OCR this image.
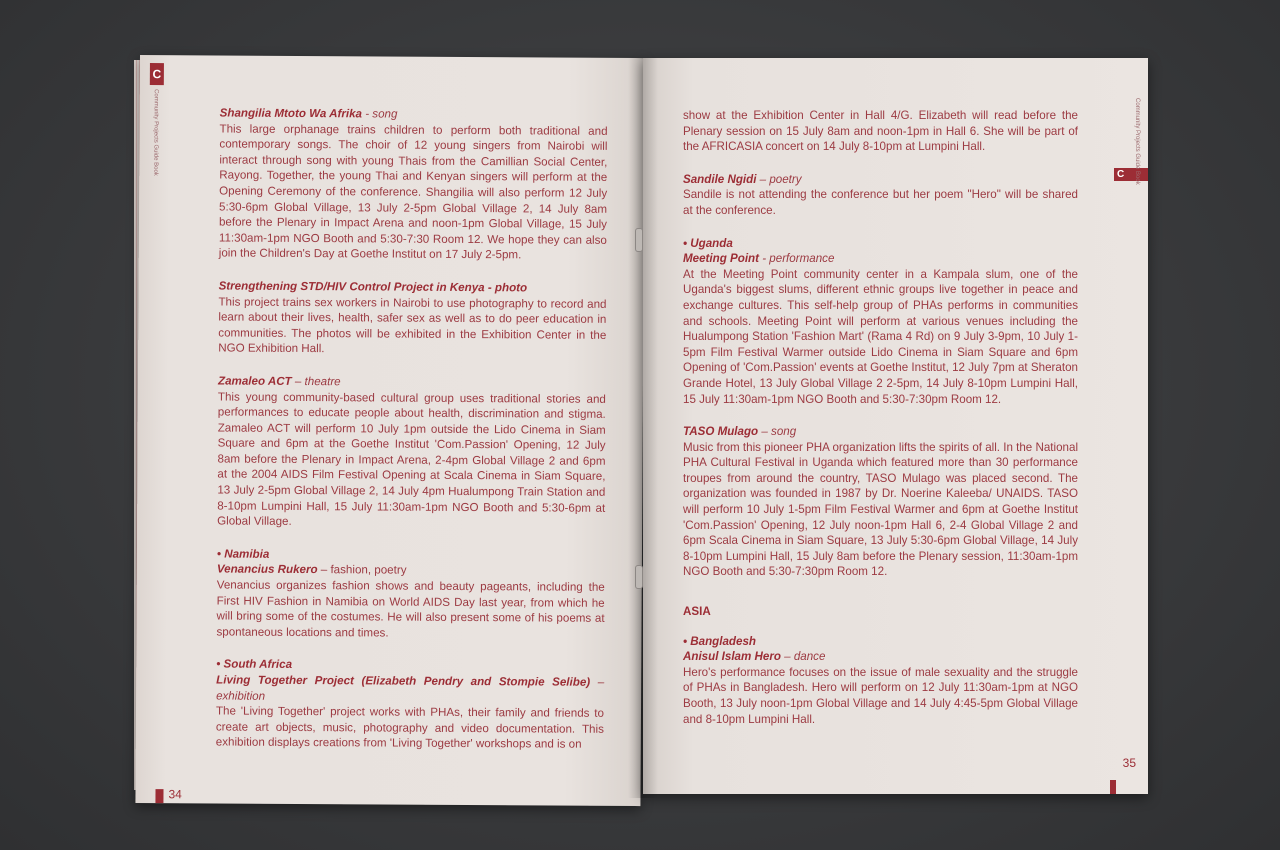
C
Community Projects Guide Book	Shangilia Mtoto Wa Afrika - song
This large orphanage trains children to perform both traditional and contemporary songs. The choir of 12 young singers from Nairobi will interact through song with young Thais from the Camillian Social Center, Rayong. Together, the young Thai and Kenyan singers will perform at the Opening Ceremony of the conference. Shangilia will also perform 12 July 5:30-6pm Global Village, 13 July 2-5pm Global Village 2, 14 July 8am before the Plenary in Impact Arena and noon-1pm Global Village, 15 July 11:30am-1pm NGO Booth and 5:30-7:30 Room 12. We hope they can also join the Children's Day at Goethe Institut on 17 July 2-5pm.
Strengthening STD/HIV Control Project in Kenya - photo
This project trains sex workers in Nairobi to use photography to record and learn about their lives, health, safer sex as well as to do peer education in communities. The photos will be exhibited in the Exhibition Center in the NGO Exhibition Hall.
Zamaleo ACT – theatre
This young community-based cultural group uses traditional stories and performances to educate people about health, discrimination and stigma. Zamaleo ACT will perform 10 July 1pm outside the Lido Cinema in Siam Square and 6pm at the Goethe Institut 'Com.Passion' Opening, 12 July 8am before the Plenary in Impact Arena, 2-4pm Global Village 2 and 6pm at the 2004 AIDS Film Festival Opening at Scala Cinema in Siam Square, 13 July 2-5pm Global Village 2, 14 July 4pm Hualumpong Train Station and 8-10pm Lumpini Hall, 15 July 11:30am-1pm NGO Booth and 5:30-6pm at Global Village.
• Namibia
Venancius Rukero – fashion, poetry
Venancius organizes fashion shows and beauty pageants, including the First HIV Fashion in Namibia on World AIDS Day last year, from which he will bring some of the costumes. He will also present some of his poems at spontaneous locations and times.
• South Africa
Living Together Project (Elizabeth Pendry and Stompie Selibe) – exhibition
The 'Living Together' project works with PHAs, their family and friends to create art objects, music, photography and video documentation. This exhibition displays creations from 'Living Together' workshops and is on
34
C	Community Projects Guide Book
show at the Exhibition Center in Hall 4/G. Elizabeth will read before the Plenary session on 15 July 8am and noon-1pm in Hall 6. She will be part of the AFRICASIA concert on 14 July 8-10pm at Lumpini Hall.
Sandile Ngidi – poetry
Sandile is not attending the conference but her poem "Hero" will be shared at the conference.
• Uganda
Meeting Point - performance
At the Meeting Point community center in a Kampala slum, one of the Uganda's biggest slums, different ethnic groups live together in peace and exchange cultures. This self-help group of PHAs performs in communities and schools. Meeting Point will perform at various venues including the Hualumpong Station 'Fashion Mart' (Rama 4 Rd) on 9 July 3-9pm, 10 July 1-5pm Film Festival Warmer outside Lido Cinema in Siam Square and 6pm Opening of 'Com.Passion' events at Goethe Institut, 12 July 7pm at Sheraton Grande Hotel, 13 July Global Village 2 2-5pm, 14 July 8-10pm Lumpini Hall, 15 July 11:30am-1pm NGO Booth and 5:30-7:30pm Room 12.
TASO Mulago – song
Music from this pioneer PHA organization lifts the spirits of all. In the National PHA Cultural Festival in Uganda which featured more than 30 performance troupes from around the country, TASO Mulago was placed second. The organization was founded in 1987 by Dr. Noerine Kaleeba/ UNAIDS. TASO will perform 10 July 1-5pm Film Festival Warmer and 6pm at Goethe Institut 'Com.Passion' Opening, 12 July noon-1pm Hall 6, 2-4 Global Village 2 and 6pm Scala Cinema in Siam Square, 13 July 5:30-6pm Global Village, 14 July 8-10pm Lumpini Hall, 15 July 8am before the Plenary session, 11:30am-1pm NGO Booth and 5:30-7:30pm Room 12.
ASIA
• Bangladesh
Anisul Islam Hero – dance
Hero's performance focuses on the issue of male sexuality and the struggle of PHAs in Bangladesh. Hero will perform on 12 July 11:30am-1pm at NGO Booth, 13 July noon-1pm Global Village and 14 July 4:45-5pm Global Village and 8-10pm Lumpini Hall.
35
